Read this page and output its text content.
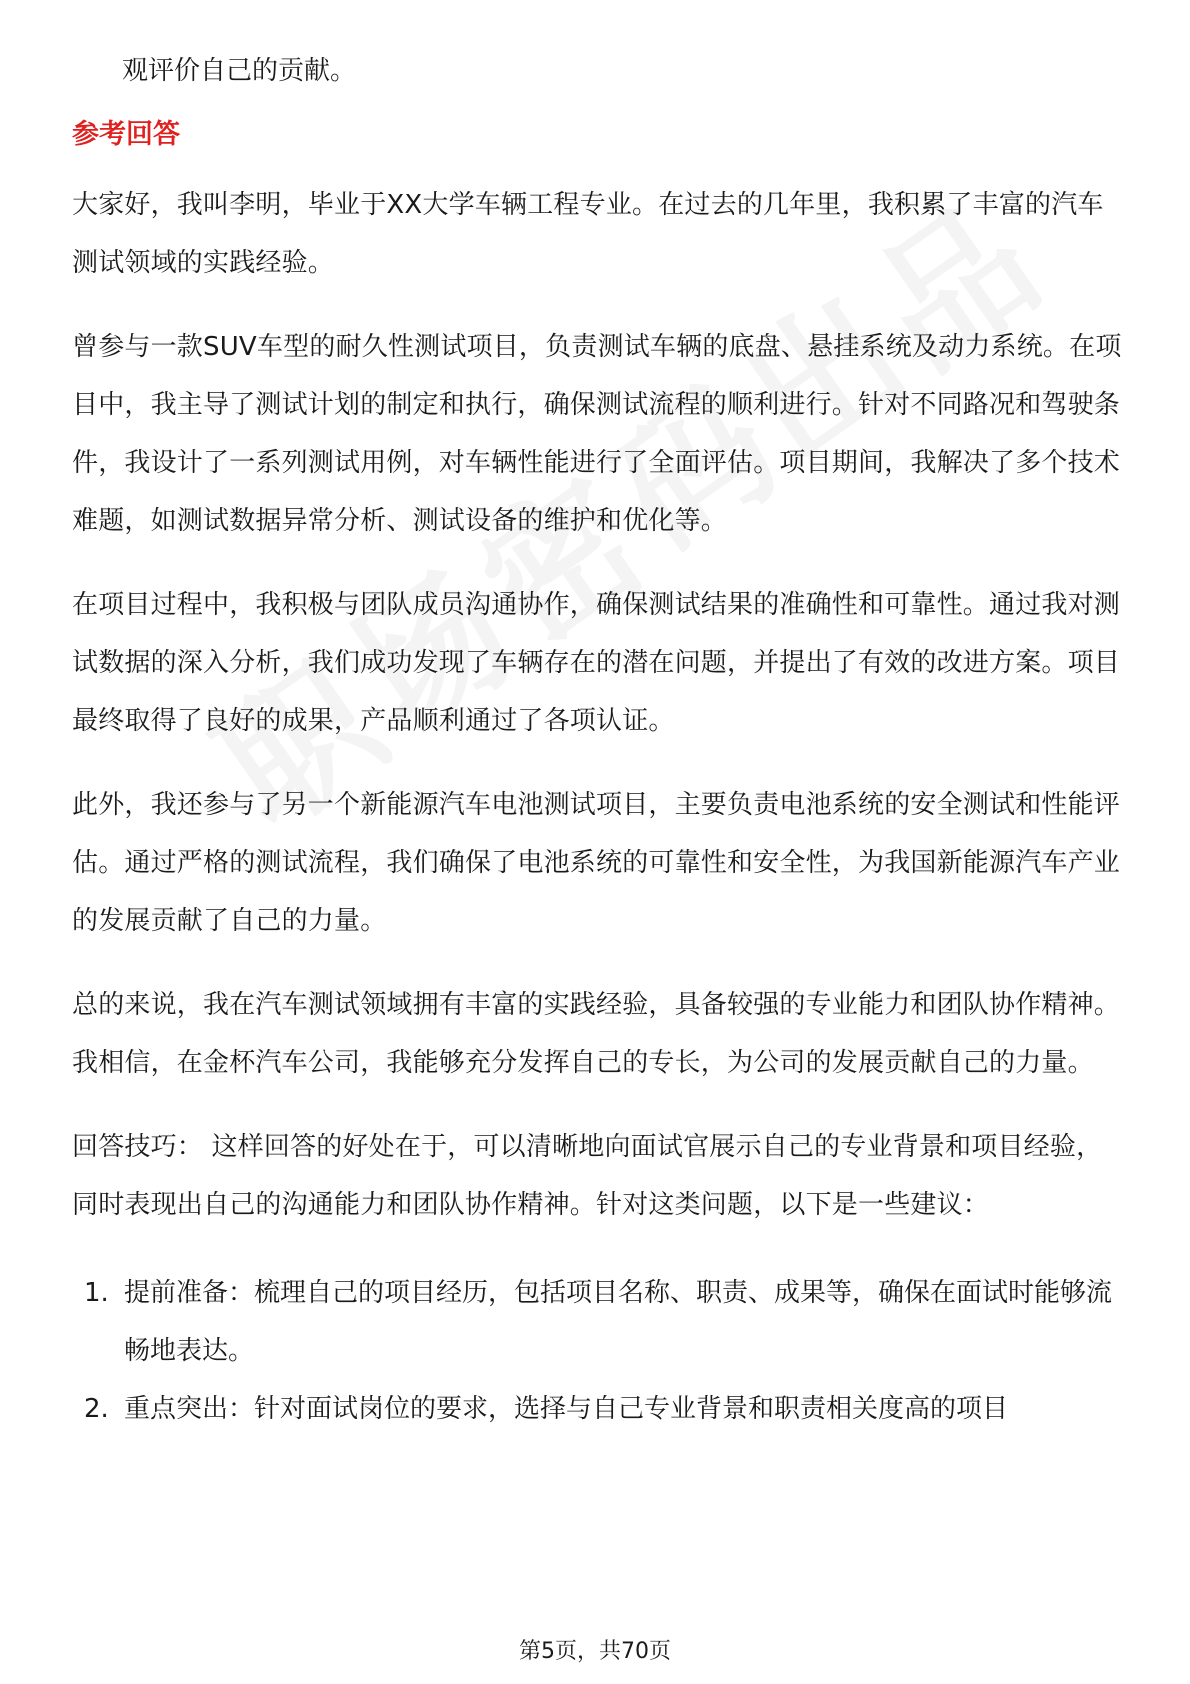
观评价自己的贡献。
参考回答

大家好，我叫李明，毕业于XX大学车辆工程专业。在过去的几年里，我积累了丰富的汽车测试领域的实践经验。

曾参与一款SUV车型的耐久性测试项目，负责测试车辆的底盘、悬挂系统及动力系统。在项目中，我主导了测试计划的制定和执行，确保测试流程的顺利进行。针对不同路况和驾驶条件，我设计了一系列测试用例，对车辆性能进行了全面评估。项目期间，我解决了多个技术难题，如测试数据异常分析、测试设备的维护和优化等。

在项目过程中，我积极与团队成员沟通协作，确保测试结果的准确性和可靠性。通过我对测试数据的深入分析，我们成功发现了车辆存在的潜在问题，并提出了有效的改进方案。项目最终取得了良好的成果，产品顺利通过了各项认证。

此外，我还参与了另一个新能源汽车电池测试项目，主要负责电池系统的安全测试和性能评估。通过严格的测试流程，我们确保了电池系统的可靠性和安全性，为我国新能源汽车产业的发展贡献了自己的力量。

总的来说，我在汽车测试领域拥有丰富的实践经验，具备较强的专业能力和团队协作精神。我相信，在金杯汽车公司，我能够充分发挥自己的专长，为公司的发展贡献自己的力量。

回答技巧： 这样回答的好处在于，可以清晰地向面试官展示自己的专业背景和项目经验，同时表现出自己的沟通能力和团队协作精神。针对这类问题，以下是一些建议：

1. 提前准备：梳理自己的项目经历，包括项目名称、职责、成果等，确保在面试时能够流畅地表达。
2. 重点突出：针对面试岗位的要求，选择与自己专业背景和职责相关度高的项目
第5页，共70页
